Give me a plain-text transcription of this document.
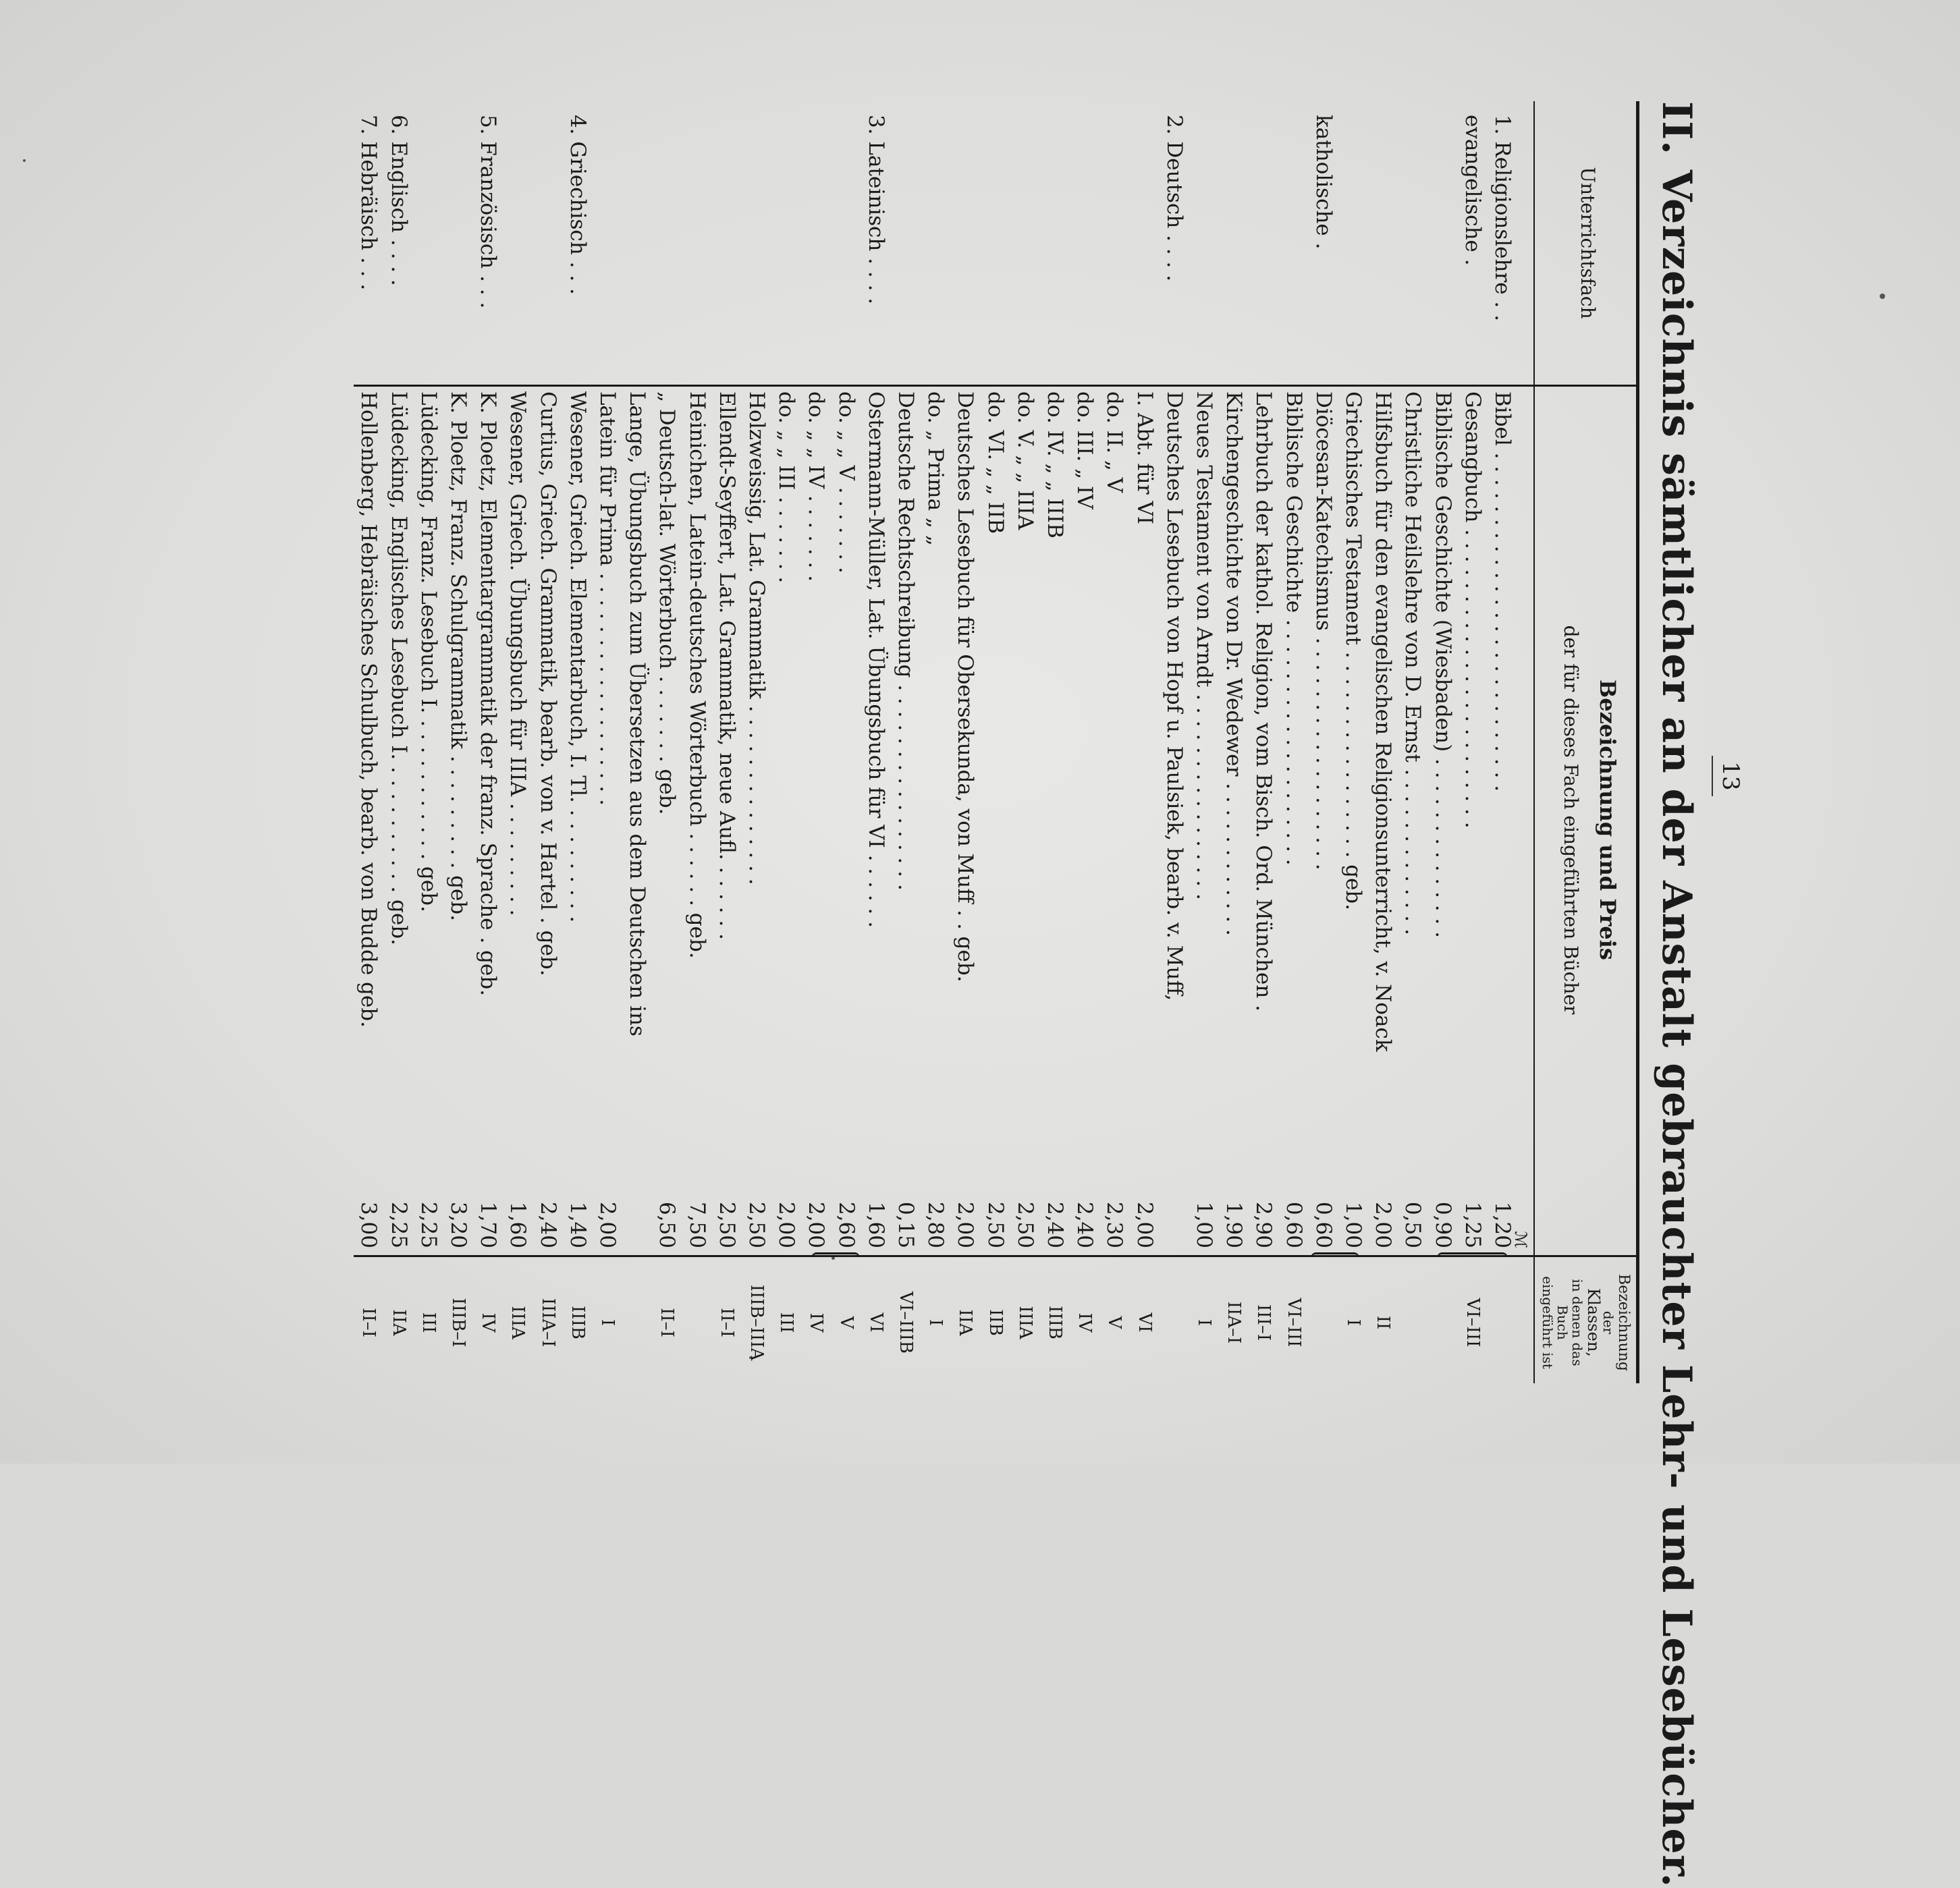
13
II. Verzeichnis sämtlicher an der Anstalt gebrauchter Lehr- und Lesebücher.
Unterrichtsfach
Bezeichnung und Preis
der für dieses Fach eingeführten Bücher
Bezeichnung
der
Klassen,
in denen das
Buch
eingeführt ist
ℳ
1. Religionslehre . .
Bibel . . . . . . . . . . . . . . . . . . . . . . . . . .
1,20
evangelische .
Gesangbuch . . . . . . . . . . . . . . . . . . . . . . .
1,25
VI–III
Biblische Geschichte (Wiesbaden) . . . . . . . . . . . . . .
0,90
Christliche Heilslehre von D. Ernst . . . . . . . . . . . . .
0,50
Hilfsbuch für den evangelischen Religionsunterricht, v. Noack
2,00
II
Griechisches Testament . . . . . . . . . . . . . . . . geb.
1,00
I
katholische .
Diöcesan-Katechismus . . . . . . . . . . . . . . . . . .
0,60
Biblische Geschichte . . . . . . . . . . . . . . . . . . .
0,60
VI–III
Lehrbuch der kathol. Religion, vom Bisch. Ord. München .
2,90
III–I
Kirchengeschichte von Dr. Wedewer . . . . . . . . . . . .
1,90
IIA–I
Neues Testament von Arndt . . . . . . . . . . . . . . . .
1,00
I
2. Deutsch . . . .
Deutsches Lesebuch von Hopf u. Paulsiek, bearb. v. Muff,
I. Abt. für VI
2,00
VI
do. II. „ V
2,30
V
do. III. „ IV
2,40
IV
do. IV. „ „ IIIB
2,40
IIIB
do. V. „ „ IIIA
2,50
IIIA
do. VI. „ „ IIB
2,50
IIB
Deutsches Lesebuch für Obersekunda, von Muff . . geb.
2,00
IIA
do. „ Prima „ „
2,80
I
Deutsche Rechtschreibung . . . . . . . . . . . . . . . .
0,15
VI–IIIB
3. Lateinisch . . . .
Ostermann-Müller, Lat. Übungsbuch für VI . . . . . .
1,60
VI
do. „ „ V . . . . . . .
2,60
V
do. „ „ IV . . . . . . .
2,00
IV
do. „ „ III . . . . . . .
2,00
III
Holzweissig, Lat. Grammatik . . . . . . . . . . . . . .
2,50
IIIB–IIIA
Ellendt-Seyffert, Lat. Grammatik, neue Aufl. . . . . . .
2,50
II–I
Heinichen, Latein-deutsches Wörterbuch . . . . . . geb.
7,50
„ Deutsch-lat. Wörterbuch . . . . . . . geb.
6,50
II–I
Lange, Übungsbuch zum Übersetzen aus dem Deutschen ins
Latein für Prima . . . . . . . . . . . . . . . . . .
2,00
I
4. Griechisch . . .
Wesener, Griech. Elementarbuch, I. Tl. . . . . . . . . .
1,40
IIIB
Curtius, Griech. Grammatik, bearb. von v. Hartel . geb.
2,40
IIIA–I
Wesener, Griech. Übungsbuch für IIIA . . . . . . . . .
1,60
IIIA
5. Französisch . . .
K. Ploetz, Elementargrammatik der franz. Sprache . geb.
1,70
IV
K. Ploetz, Franz. Schulgrammatik . . . . . . . . . geb.
3,20
IIIB–I
Lüdecking, Franz. Lesebuch I. . . . . . . . . . . . geb.
2,25
III
6. Englisch . . . .
Lüdecking, Englisches Lesebuch I. . . . . . . . . . . geb.
2,25
IIA
7. Hebräisch . . .
Hollenberg, Hebräisches Schulbuch, bearb. von Budde geb.
3,00
II–I
